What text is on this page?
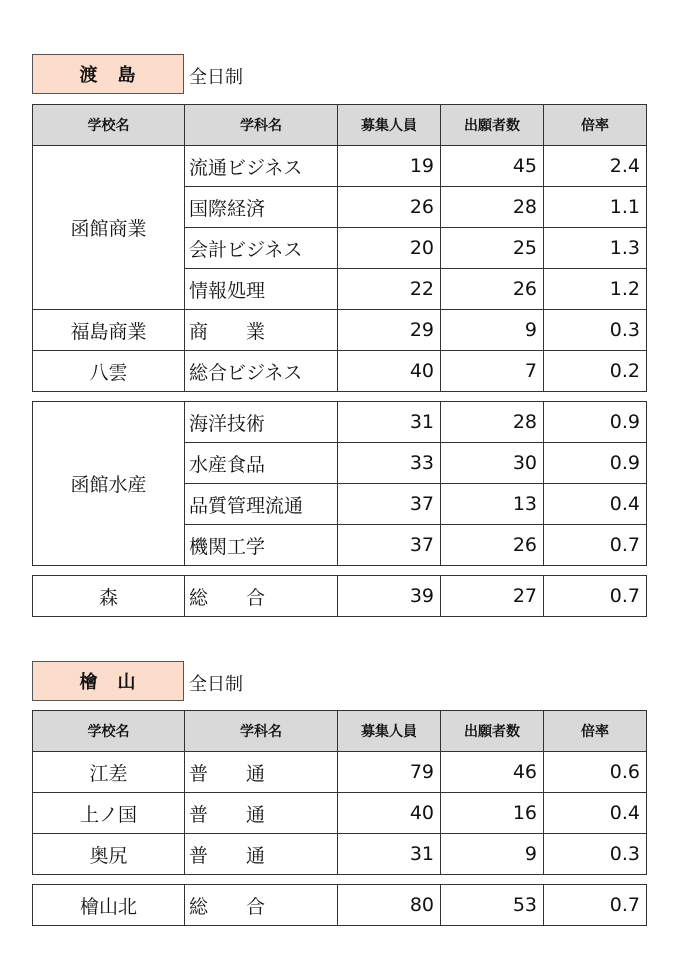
渡　島	全日制
学校名	学科名	募集人員	出願者数	倍率
函館商業	流通ビジネス	19	45	2.4
	国際経済	26	28	1.1
	会計ビジネス	20	25	1.3
	情報処理	22	26	1.2
福島商業	商　　業	29	9	0.3
八雲	総合ビジネス	40	7	0.2

函館水産	海洋技術	31	28	0.9
	水産食品	33	30	0.9
	品質管理流通	37	13	0.4
	機関工学	37	26	0.7

森	総　　合	39	27	0.7
檜　山	全日制
学校名	学科名	募集人員	出願者数	倍率
江差	普　　通	79	46	0.6
上ノ国	普　　通	40	16	0.4
奥尻	普　　通	31	9	0.3

檜山北	総　　合	80	53	0.7
